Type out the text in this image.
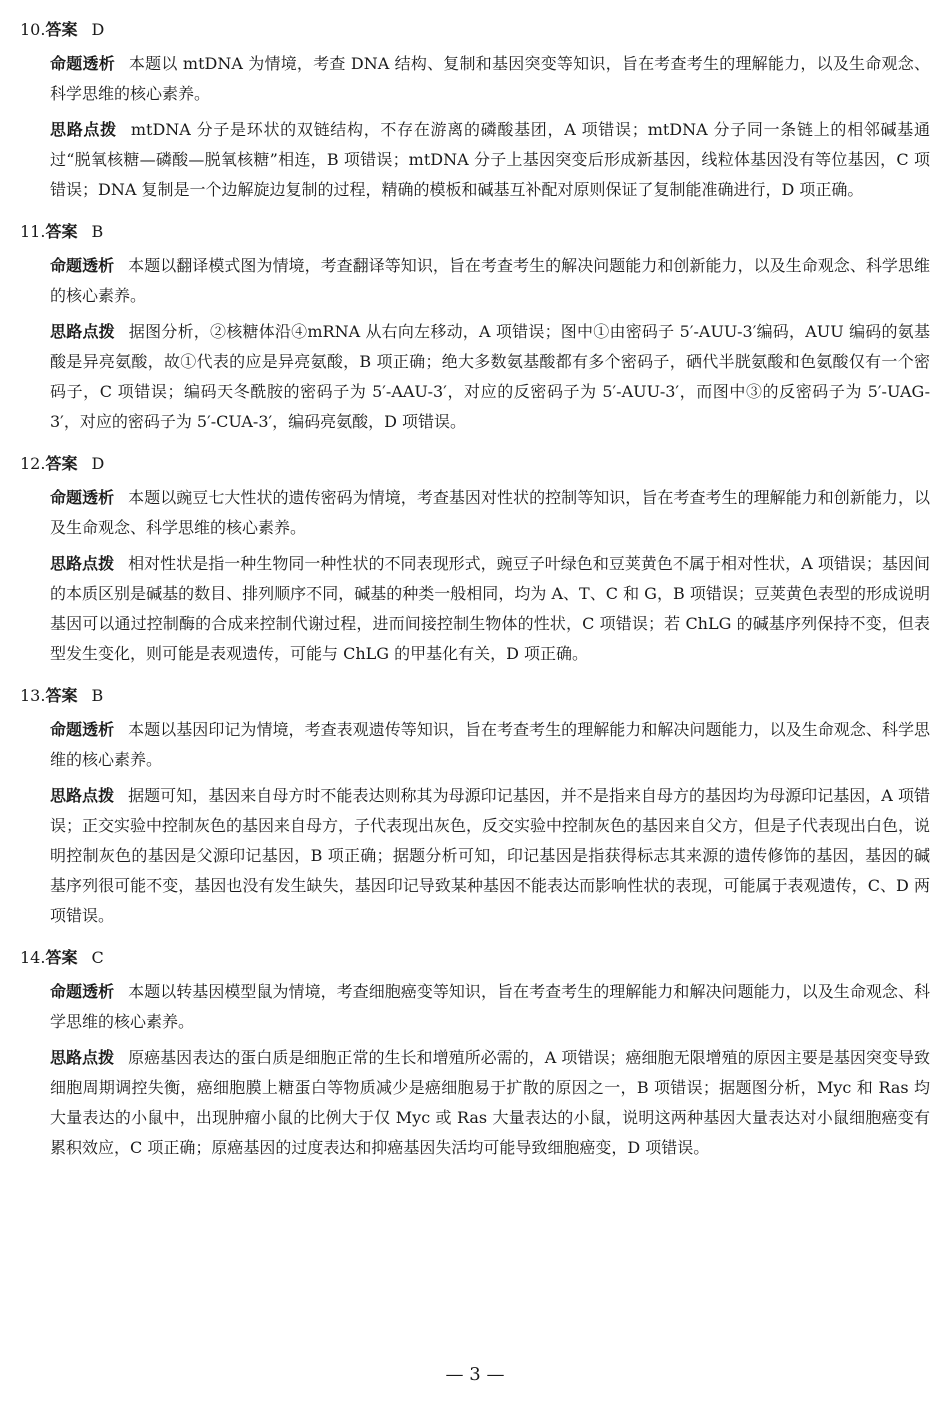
10.答案 D
命题透析 本题以 mtDNA 为情境，考查 DNA 结构、复制和基因突变等知识，旨在考查考生的理解能力，以及生命观念、科学思维的核心素养。
思路点拨 mtDNA 分子是环状的双链结构，不存在游离的磷酸基团，A 项错误；mtDNA 分子同一条链上的相邻碱基通过“脱氧核糖—磷酸—脱氧核糖”相连，B 项错误；mtDNA 分子上基因突变后形成新基因，线粒体基因没有等位基因，C 项错误；DNA 复制是一个边解旋边复制的过程，精确的模板和碱基互补配对原则保证了复制能准确进行，D 项正确。
11.答案 B
命题透析 本题以翻译模式图为情境，考查翻译等知识，旨在考查考生的解决问题能力和创新能力，以及生命观念、科学思维的核心素养。
思路点拨 据图分析，②核糖体沿④mRNA 从右向左移动，A 项错误；图中①由密码子 5′-AUU-3′编码，AUU 编码的氨基酸是异亮氨酸，故①代表的应是异亮氨酸，B 项正确；绝大多数氨基酸都有多个密码子，硒代半胱氨酸和色氨酸仅有一个密码子，C 项错误；编码天冬酰胺的密码子为 5′-AAU-3′，对应的反密码子为 5′-AUU-3′，而图中③的反密码子为 5′-UAG-3′，对应的密码子为 5′-CUA-3′，编码亮氨酸，D 项错误。
12.答案 D
命题透析 本题以豌豆七大性状的遗传密码为情境，考查基因对性状的控制等知识，旨在考查考生的理解能力和创新能力，以及生命观念、科学思维的核心素养。
思路点拨 相对性状是指一种生物同一种性状的不同表现形式，豌豆子叶绿色和豆荚黄色不属于相对性状，A 项错误；基因间的本质区别是碱基的数目、排列顺序不同，碱基的种类一般相同，均为 A、T、C 和 G，B 项错误；豆荚黄色表型的形成说明基因可以通过控制酶的合成来控制代谢过程，进而间接控制生物体的性状，C 项错误；若 ChLG 的碱基序列保持不变，但表型发生变化，则可能是表观遗传，可能与 ChLG 的甲基化有关，D 项正确。
13.答案 B
命题透析 本题以基因印记为情境，考查表观遗传等知识，旨在考查考生的理解能力和解决问题能力，以及生命观念、科学思维的核心素养。
思路点拨 据题可知，基因来自母方时不能表达则称其为母源印记基因，并不是指来自母方的基因均为母源印记基因，A 项错误；正交实验中控制灰色的基因来自母方，子代表现出灰色，反交实验中控制灰色的基因来自父方，但是子代表现出白色，说明控制灰色的基因是父源印记基因，B 项正确；据题分析可知，印记基因是指获得标志其来源的遗传修饰的基因，基因的碱基序列很可能不变，基因也没有发生缺失，基因印记导致某种基因不能表达而影响性状的表现，可能属于表观遗传，C、D 两项错误。
14.答案 C
命题透析 本题以转基因模型鼠为情境，考查细胞癌变等知识，旨在考查考生的理解能力和解决问题能力，以及生命观念、科学思维的核心素养。
思路点拨 原癌基因表达的蛋白质是细胞正常的生长和增殖所必需的，A 项错误；癌细胞无限增殖的原因主要是基因突变导致细胞周期调控失衡，癌细胞膜上糖蛋白等物质减少是癌细胞易于扩散的原因之一，B 项错误；据题图分析，Myc 和 Ras 均大量表达的小鼠中，出现肿瘤小鼠的比例大于仅 Myc 或 Ras 大量表达的小鼠，说明这两种基因大量表达对小鼠细胞癌变有累积效应，C 项正确；原癌基因的过度表达和抑癌基因失活均可能导致细胞癌变，D 项错误。
— 3 —
